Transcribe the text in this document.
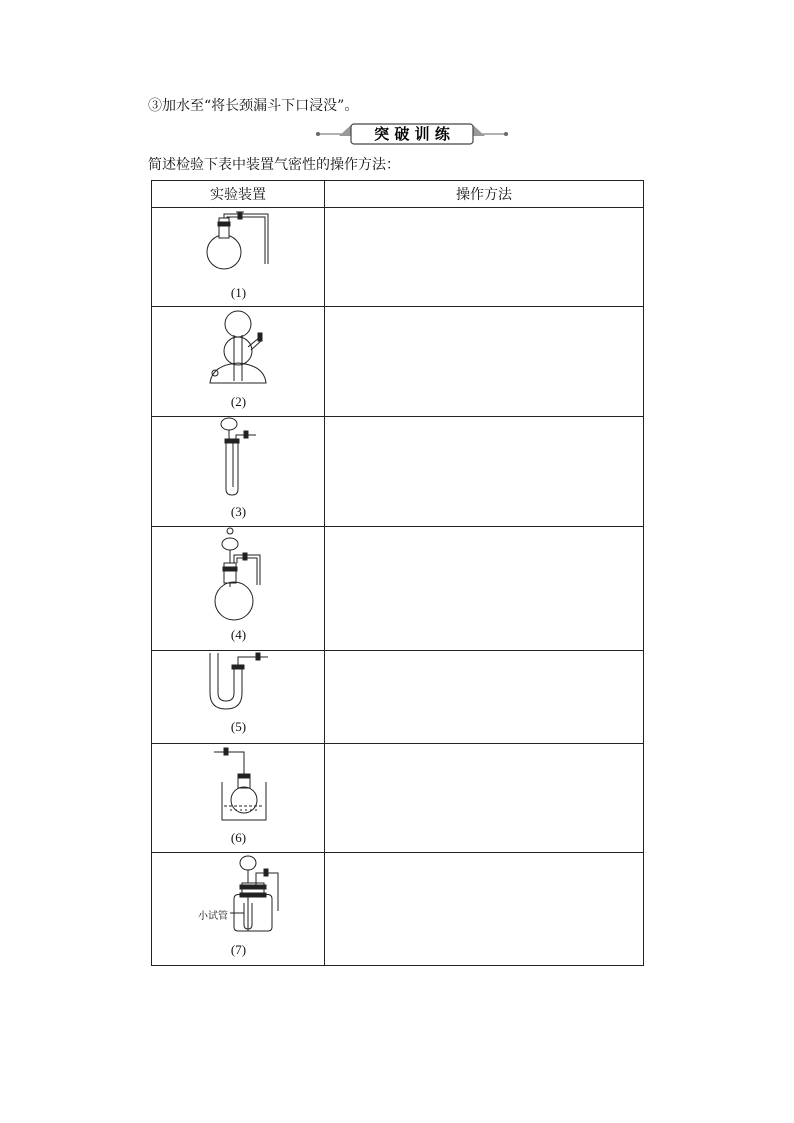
③加水至“将长颈漏斗下口浸没”。
突 破 训 练
简述检验下表中装置气密性的操作方法：
实验装置	操作方法

(1)	

(2)	

(3)	

(4)	

(5)	

(6)	

小试管
(7)	
